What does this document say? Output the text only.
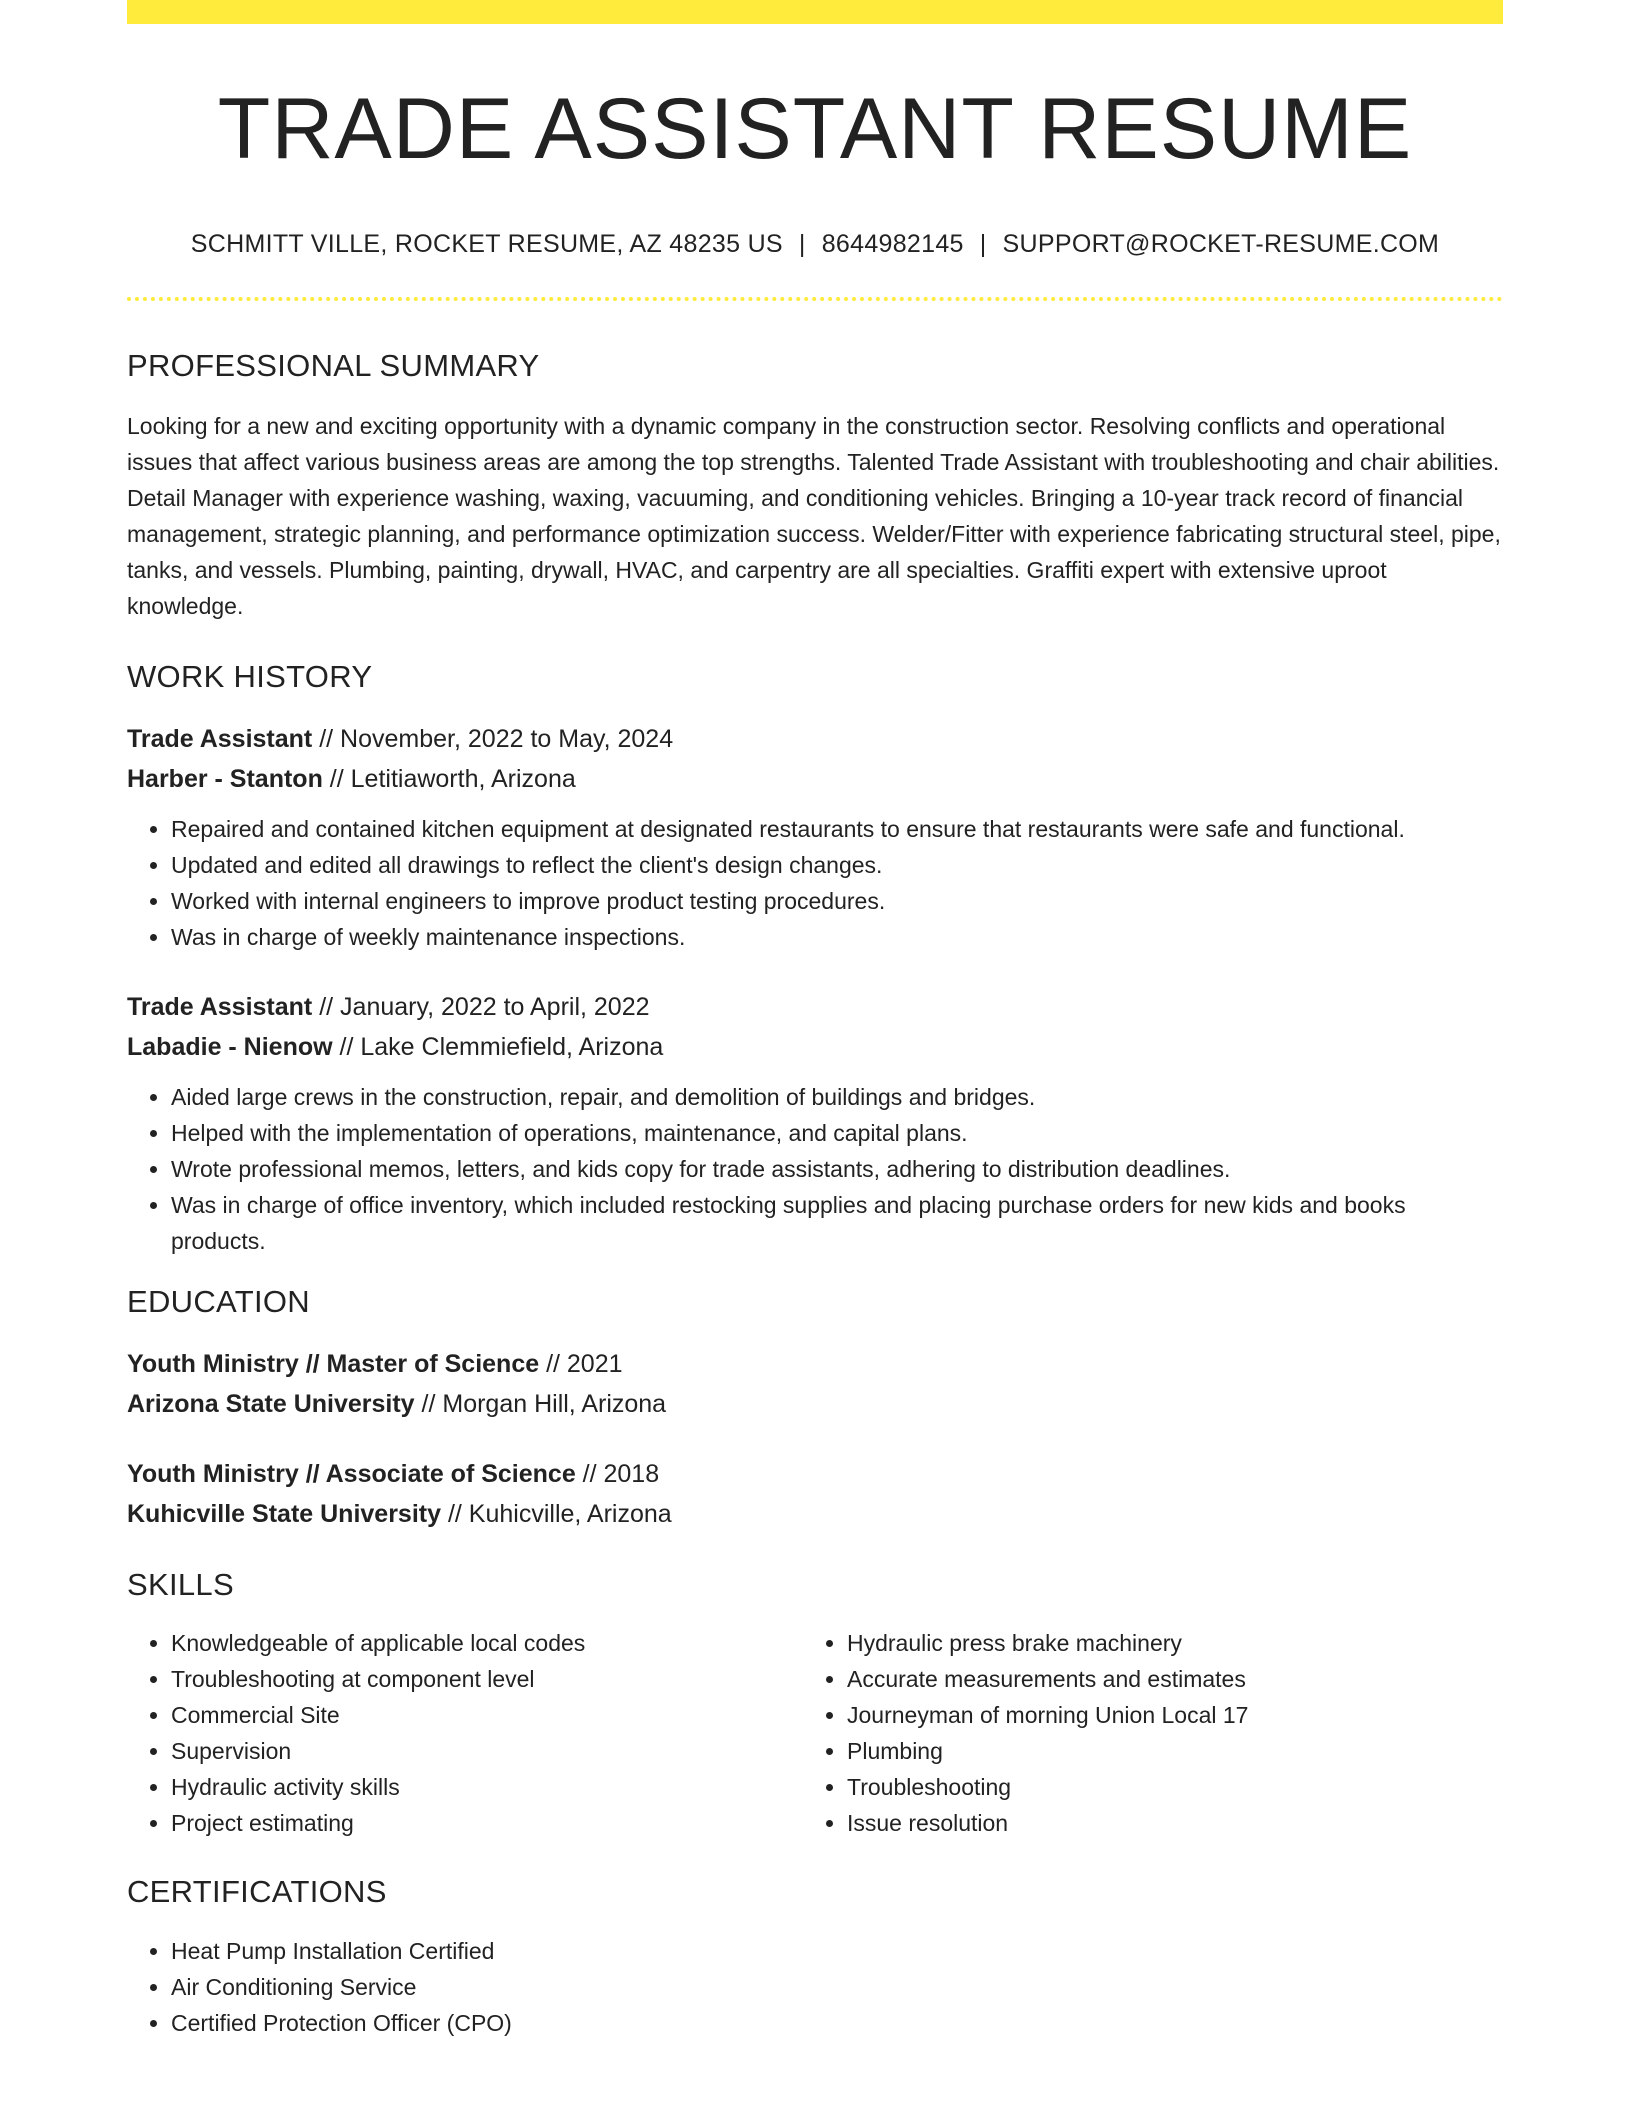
TRADE ASSISTANT RESUME
SCHMITT VILLE, ROCKET RESUME, AZ 48235 US | 8644982145 | SUPPORT@ROCKET-RESUME.COM
PROFESSIONAL SUMMARY

Looking for a new and exciting opportunity with a dynamic company in the construction sector. Resolving conflicts and operational issues that affect various business areas are among the top strengths. Talented Trade Assistant with troubleshooting and chair abilities. Detail Manager with experience washing, waxing, vacuuming, and conditioning vehicles. Bringing a 10-year track record of financial management, strategic planning, and performance optimization success. Welder/Fitter with experience fabricating structural steel, pipe, tanks, and vessels. Plumbing, painting, drywall, HVAC, and carpentry are all specialties. Graffiti expert with extensive uproot knowledge.

WORK HISTORY
Trade Assistant // November, 2022 to May, 2024
Harber - Stanton // Letitiaworth, Arizona
• Repaired and contained kitchen equipment at designated restaurants to ensure that restaurants were safe and functional.
• Updated and edited all drawings to reflect the client's design changes.
• Worked with internal engineers to improve product testing procedures.
• Was in charge of weekly maintenance inspections.
Trade Assistant // January, 2022 to April, 2022
Labadie - Nienow // Lake Clemmiefield, Arizona
• Aided large crews in the construction, repair, and demolition of buildings and bridges.
• Helped with the implementation of operations, maintenance, and capital plans.
• Wrote professional memos, letters, and kids copy for trade assistants, adhering to distribution deadlines.
• Was in charge of office inventory, which included restocking supplies and placing purchase orders for new kids and books products.
EDUCATION
Youth Ministry // Master of Science // 2021
Arizona State University // Morgan Hill, Arizona
Youth Ministry // Associate of Science // 2018
Kuhicville State University // Kuhicville, Arizona
SKILLS
• Knowledgeable of applicable local codes
• Troubleshooting at component level
• Commercial Site
• Supervision
• Hydraulic activity skills
• Project estimating
• Hydraulic press brake machinery
• Accurate measurements and estimates
• Journeyman of morning Union Local 17
• Plumbing
• Troubleshooting
• Issue resolution
CERTIFICATIONS
• Heat Pump Installation Certified
• Air Conditioning Service
• Certified Protection Officer (CPO)
